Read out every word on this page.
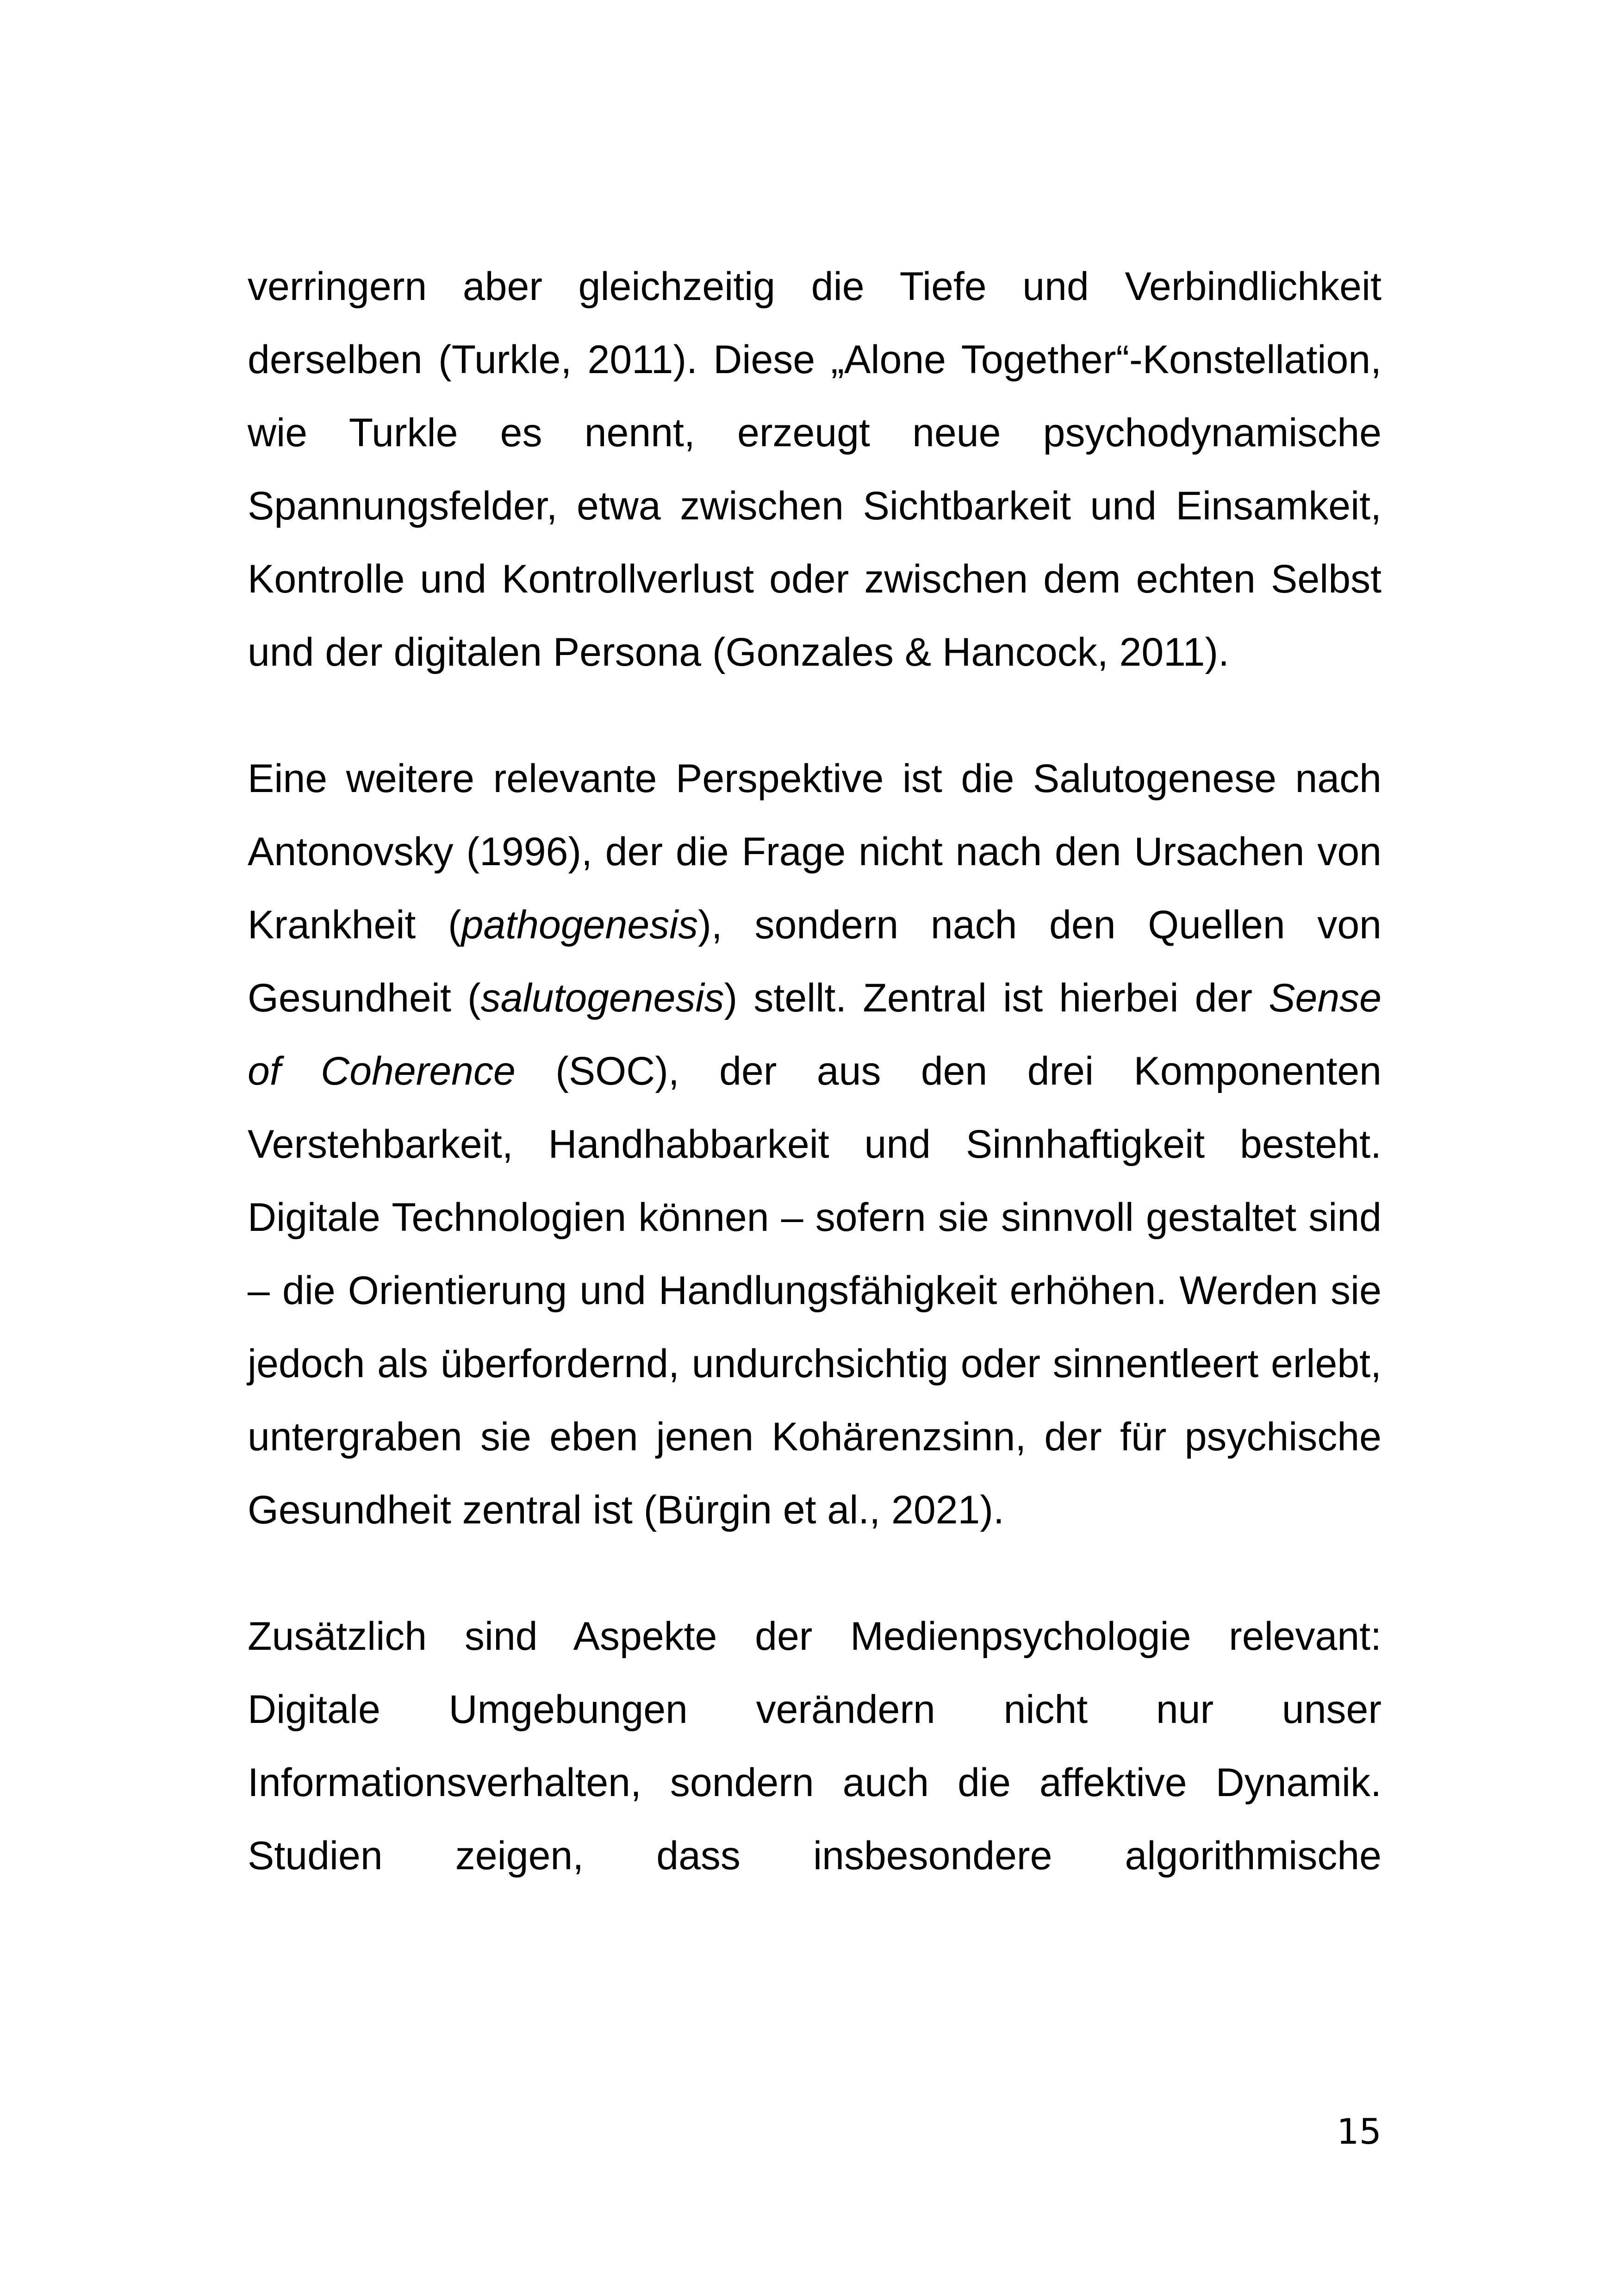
verringern aber gleichzeitig die Tiefe und Verbindlichkeit derselben (Turkle, 2011). Diese „Alone Together“-Konstellation, wie Turkle es nennt, erzeugt neue psychodynamische Spannungsfelder, etwa zwischen Sichtbarkeit und Einsamkeit, Kontrolle und Kontrollverlust oder zwischen dem echten Selbst und der digitalen Persona (Gonzales & Hancock, 2011).

Eine weitere relevante Perspektive ist die Salutogenese nach Antonovsky (1996), der die Frage nicht nach den Ursachen von Krankheit (pathogenesis), sondern nach den Quellen von Gesundheit (salutogenesis) stellt. Zentral ist hierbei der Sense of Coherence (SOC), der aus den drei Komponenten Verstehbarkeit, Handhabbarkeit und Sinnhaftigkeit besteht. Digitale Technologien können – sofern sie sinnvoll gestaltet sind – die Orientierung und Handlungsfähigkeit erhöhen. Werden sie jedoch als überfordernd, undurchsichtig oder sinnentleert erlebt, untergraben sie eben jenen Kohärenzsinn, der für psychische Gesundheit zentral ist (Bürgin et al., 2021).

Zusätzlich sind Aspekte der Medienpsychologie relevant: Digitale Umgebungen verändern nicht nur unser Informationsverhalten, sondern auch die affektive Dynamik. Studien zeigen, dass insbesondere algorithmische

15
